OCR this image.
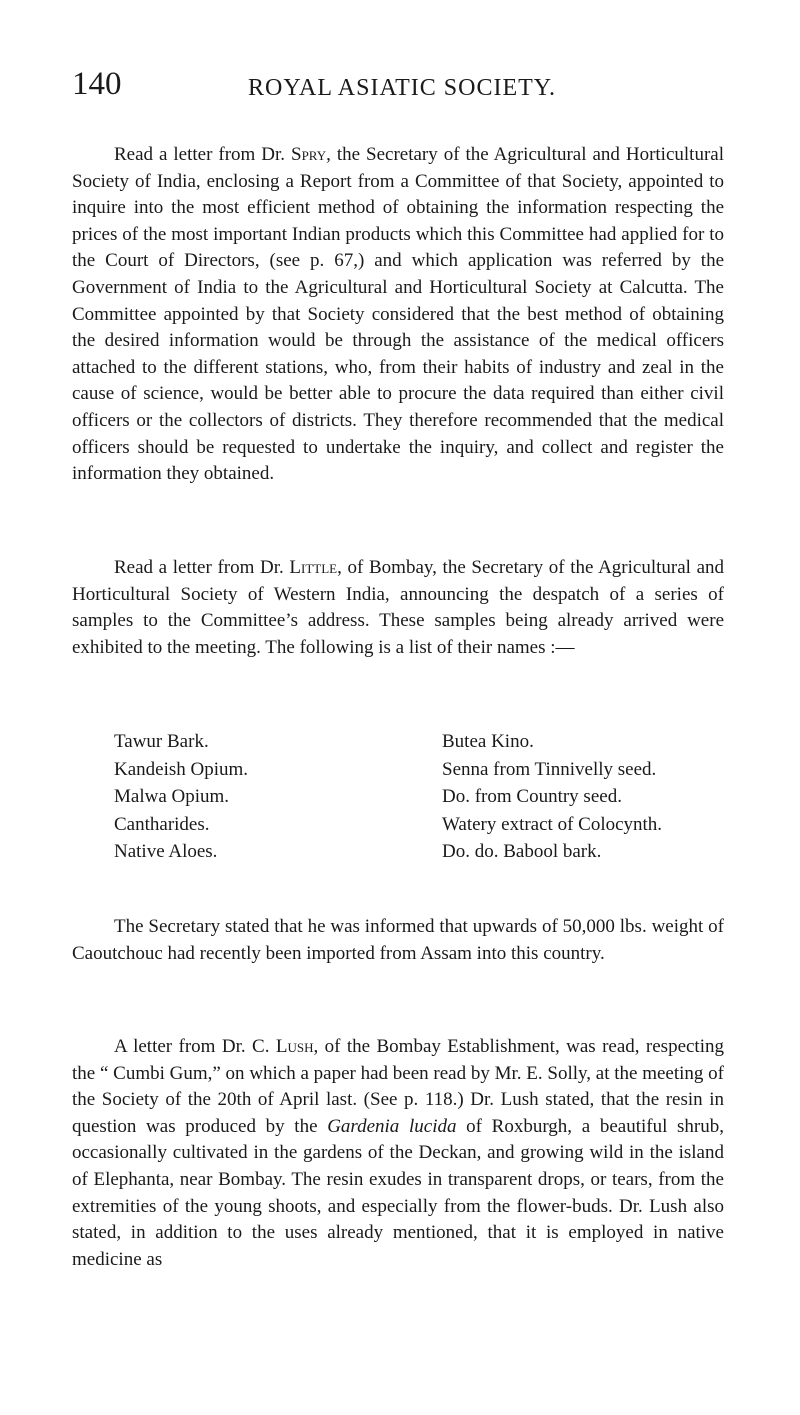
140	ROYAL ASIATIC SOCIETY.

Read a letter from Dr. Spry, the Secretary of the Agricultural and Horticultural Society of India, enclosing a Report from a Committee of that Society, appointed to inquire into the most efficient method of obtaining the information respecting the prices of the most important Indian products which this Committee had applied for to the Court of Directors, (see p. 67,) and which application was referred by the Government of India to the Agricultural and Horticultural Society at Calcutta. The Committee appointed by that Society considered that the best method of obtaining the desired information would be through the assistance of the medical officers attached to the different stations, who, from their habits of industry and zeal in the cause of science, would be better able to procure the data required than either civil officers or the collectors of districts. They therefore recommended that the medical officers should be requested to undertake the inquiry, and collect and register the information they obtained.

Read a letter from Dr. Little, of Bombay, the Secretary of the Agricultural and Horticultural Society of Western India, announcing the despatch of a series of samples to the Committee’s address. These samples being already arrived were exhibited to the meeting. The following is a list of their names :—

Tawur Bark.
Kandeish Opium.
Malwa Opium.
Cantharides.
Native Aloes.
Butea Kino.
Senna from Tinnivelly seed.
Do. from Country seed.
Watery extract of Colocynth.
Do. do. Babool bark.

The Secretary stated that he was informed that upwards of 50,000 lbs. weight of Caoutchouc had recently been imported from Assam into this country.

A letter from Dr. C. Lush, of the Bombay Establishment, was read, respecting the “ Cumbi Gum,” on which a paper had been read by Mr. E. Solly, at the meeting of the Society of the 20th of April last. (See p. 118.) Dr. Lush stated, that the resin in question was produced by the Gardenia lucida of Roxburgh, a beautiful shrub, occasionally cultivated in the gardens of the Deckan, and growing wild in the island of Elephanta, near Bombay. The resin exudes in transparent drops, or tears, from the extremities of the young shoots, and especially from the flower-buds. Dr. Lush also stated, in addition to the uses already mentioned, that it is employed in native medicine as
